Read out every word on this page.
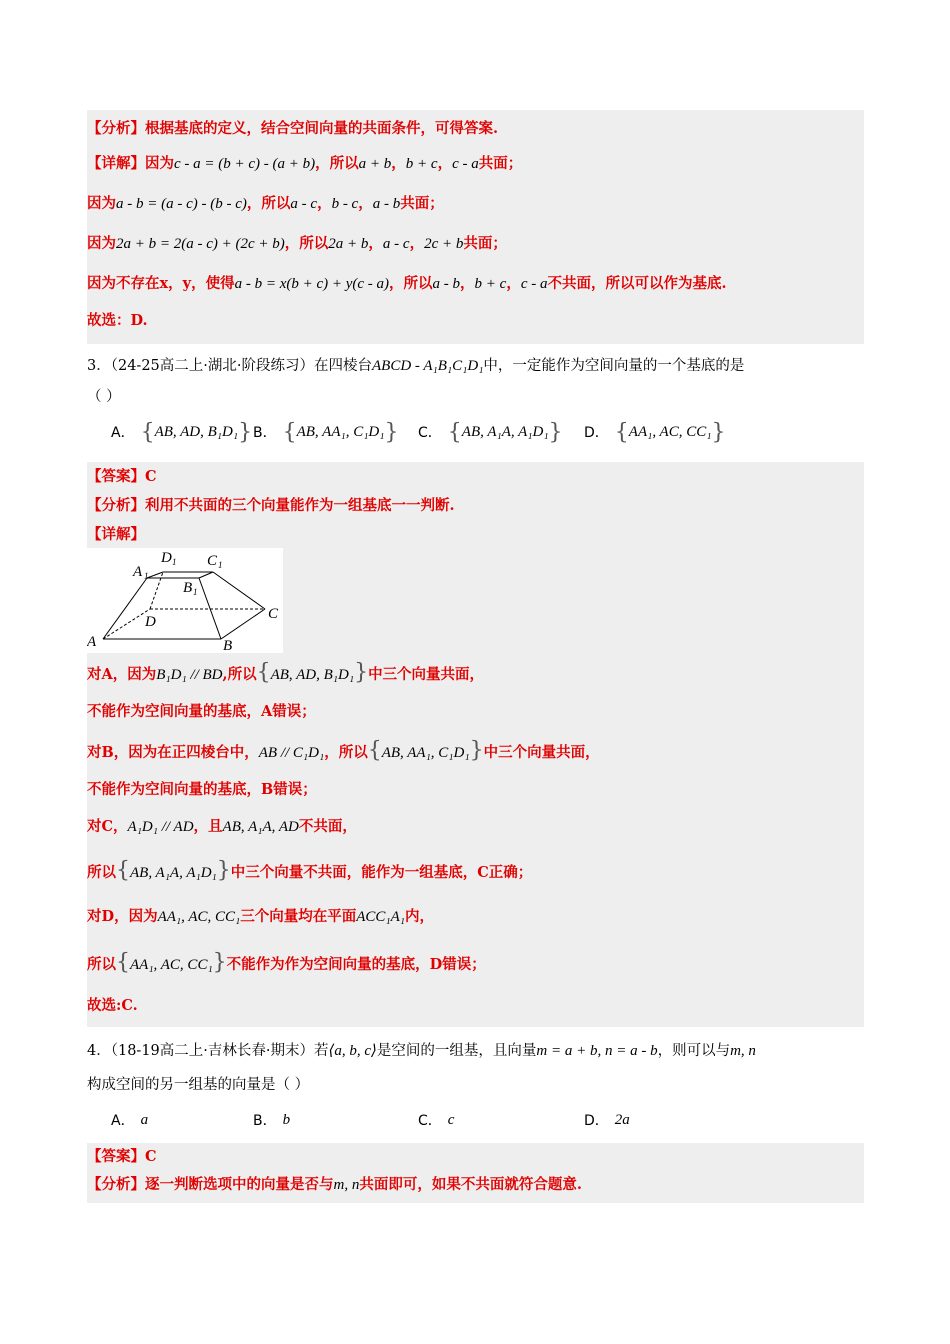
【分析】根据基底的定义，结合空间向量的共面条件，可得答案.
【详解】因为c - a = (b + c) - (a + b)，所以a + b，b + c，c - a共面；
因为a - b = (a - c) - (b - c)，所以a - c，b - c，a - b共面；
因为2a + b = 2(a - c) + (2c + b)，所以2a + b，a - c，2c + b共面；
因为不存在x，y，使得a - b = x(b + c) + y(c - a)，所以a - b，b + c，c - a不共面，所以可以作为基底.
故选：D.
3．（24-25高二上·湖北·阶段练习）在四棱台ABCD - A₁B₁C₁D₁中，一定能作为空间向量的一个基底的是
（ ）
A． { AB, AD, B₁D₁ } B． { AB, AA₁, C₁D₁ } C． { AB, A₁A, A₁D₁ } D． { AA₁, AC, CC₁ }
【答案】C
【分析】利用不共面的三个向量能作为一组基底一一判断.
【详解】
A	B
C
D
A 1
B 1
C 1
D 1
对A，因为B₁D₁ // BD,所以{AB, AD, B₁D₁}中三个向量共面，
不能作为空间向量的基底，A错误；
对B，因为在正四棱台中，AB // C₁D₁，所以{AB, AA₁, C₁D₁}中三个向量共面，
不能作为空间向量的基底，B错误；
对C，A₁D₁ // AD，且AB, A₁A, AD不共面，
所以{AB, A₁A, A₁D₁}中三个向量不共面，能作为一组基底，C正确；
对D，因为AA₁, AC, CC₁三个向量均在平面ACC₁A₁内，
所以{AA₁, AC, CC₁}不能作为作为空间向量的基底，D错误；
故选:C.
4．（18-19高二上·吉林长春·期末）若⟨a, b, c⟩是空间的一组基，且向量m = a + b, n = a - b，则可以与m, n
构成空间的另一组基的向量是（ ）
A． a	B． b	C． c	D． 2a
【答案】C
【分析】逐一判断选项中的向量是否与m, n共面即可，如果不共面就符合题意.
